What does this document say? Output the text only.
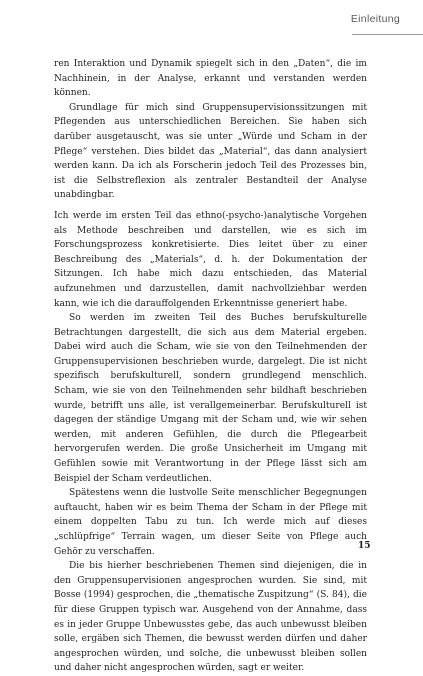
Einleitung

ren Interaktion und Dynamik spiegelt sich in den „Daten“, die im Nachhinein, in der Analyse, erkannt und verstanden werden können.

Grundlage für mich sind Gruppensupervisionssitzungen mit Pflegenden aus unterschiedlichen Bereichen. Sie haben sich darüber ausgetauscht, was sie unter „Würde und Scham in der Pflege“ verstehen. Dies bildet das „Material“, das dann analysiert werden kann. Da ich als Forscherin jedoch Teil des Prozesses bin, ist die Selbstreflexion als zentraler Bestandteil der Analyse unabdingbar.

Ich werde im ersten Teil das ethno(-psycho-)analytische Vorgehen als Methode beschreiben und darstellen, wie es sich im Forschungsprozess konkretisierte. Dies leitet über zu einer Beschreibung des „Materials“, d. h. der Dokumentation der Sitzungen. Ich habe mich dazu entschieden, das Material aufzunehmen und darzustellen, damit nachvollziehbar werden kann, wie ich die darauffolgenden Erkenntnisse generiert habe.

So werden im zweiten Teil des Buches berufskulturelle Betrachtungen dargestellt, die sich aus dem Material ergeben. Dabei wird auch die Scham, wie sie von den Teilnehmenden der Gruppensupervisionen beschrieben wurde, dargelegt. Die ist nicht spezifisch berufskulturell, sondern grundlegend menschlich. Scham, wie sie von den Teilnehmenden sehr bildhaft beschrieben wurde, betrifft uns alle, ist verallgemeinerbar. Berufskulturell ist dagegen der ständige Umgang mit der Scham und, wie wir sehen werden, mit anderen Gefühlen, die durch die Pflegearbeit hervorgerufen werden. Die große Unsicherheit im Umgang mit Gefühlen sowie mit Verantwortung in der Pflege lässt sich am Beispiel der Scham verdeutlichen.

Spätestens wenn die lustvolle Seite menschlicher Begegnungen auftaucht, haben wir es beim Thema der Scham in der Pflege mit einem doppelten Tabu zu tun. Ich werde mich auf dieses „schlüpfrige“ Terrain wagen, um dieser Seite von Pflege auch Gehör zu verschaffen.

Die bis hierher beschriebenen Themen sind diejenigen, die in den Gruppensupervisionen angesprochen wurden. Sie sind, mit Bosse (1994) gesprochen, die „thematische Zuspitzung“ (S. 84), die für diese Gruppen typisch war. Ausgehend von der Annahme, dass es in jeder Gruppe Unbewusstes gebe, das auch unbewusst bleiben solle, ergäben sich Themen, die bewusst werden dürfen und daher angesprochen würden, und solche, die unbewusst bleiben sollen und daher nicht angesprochen würden, sagt er weiter.

15
